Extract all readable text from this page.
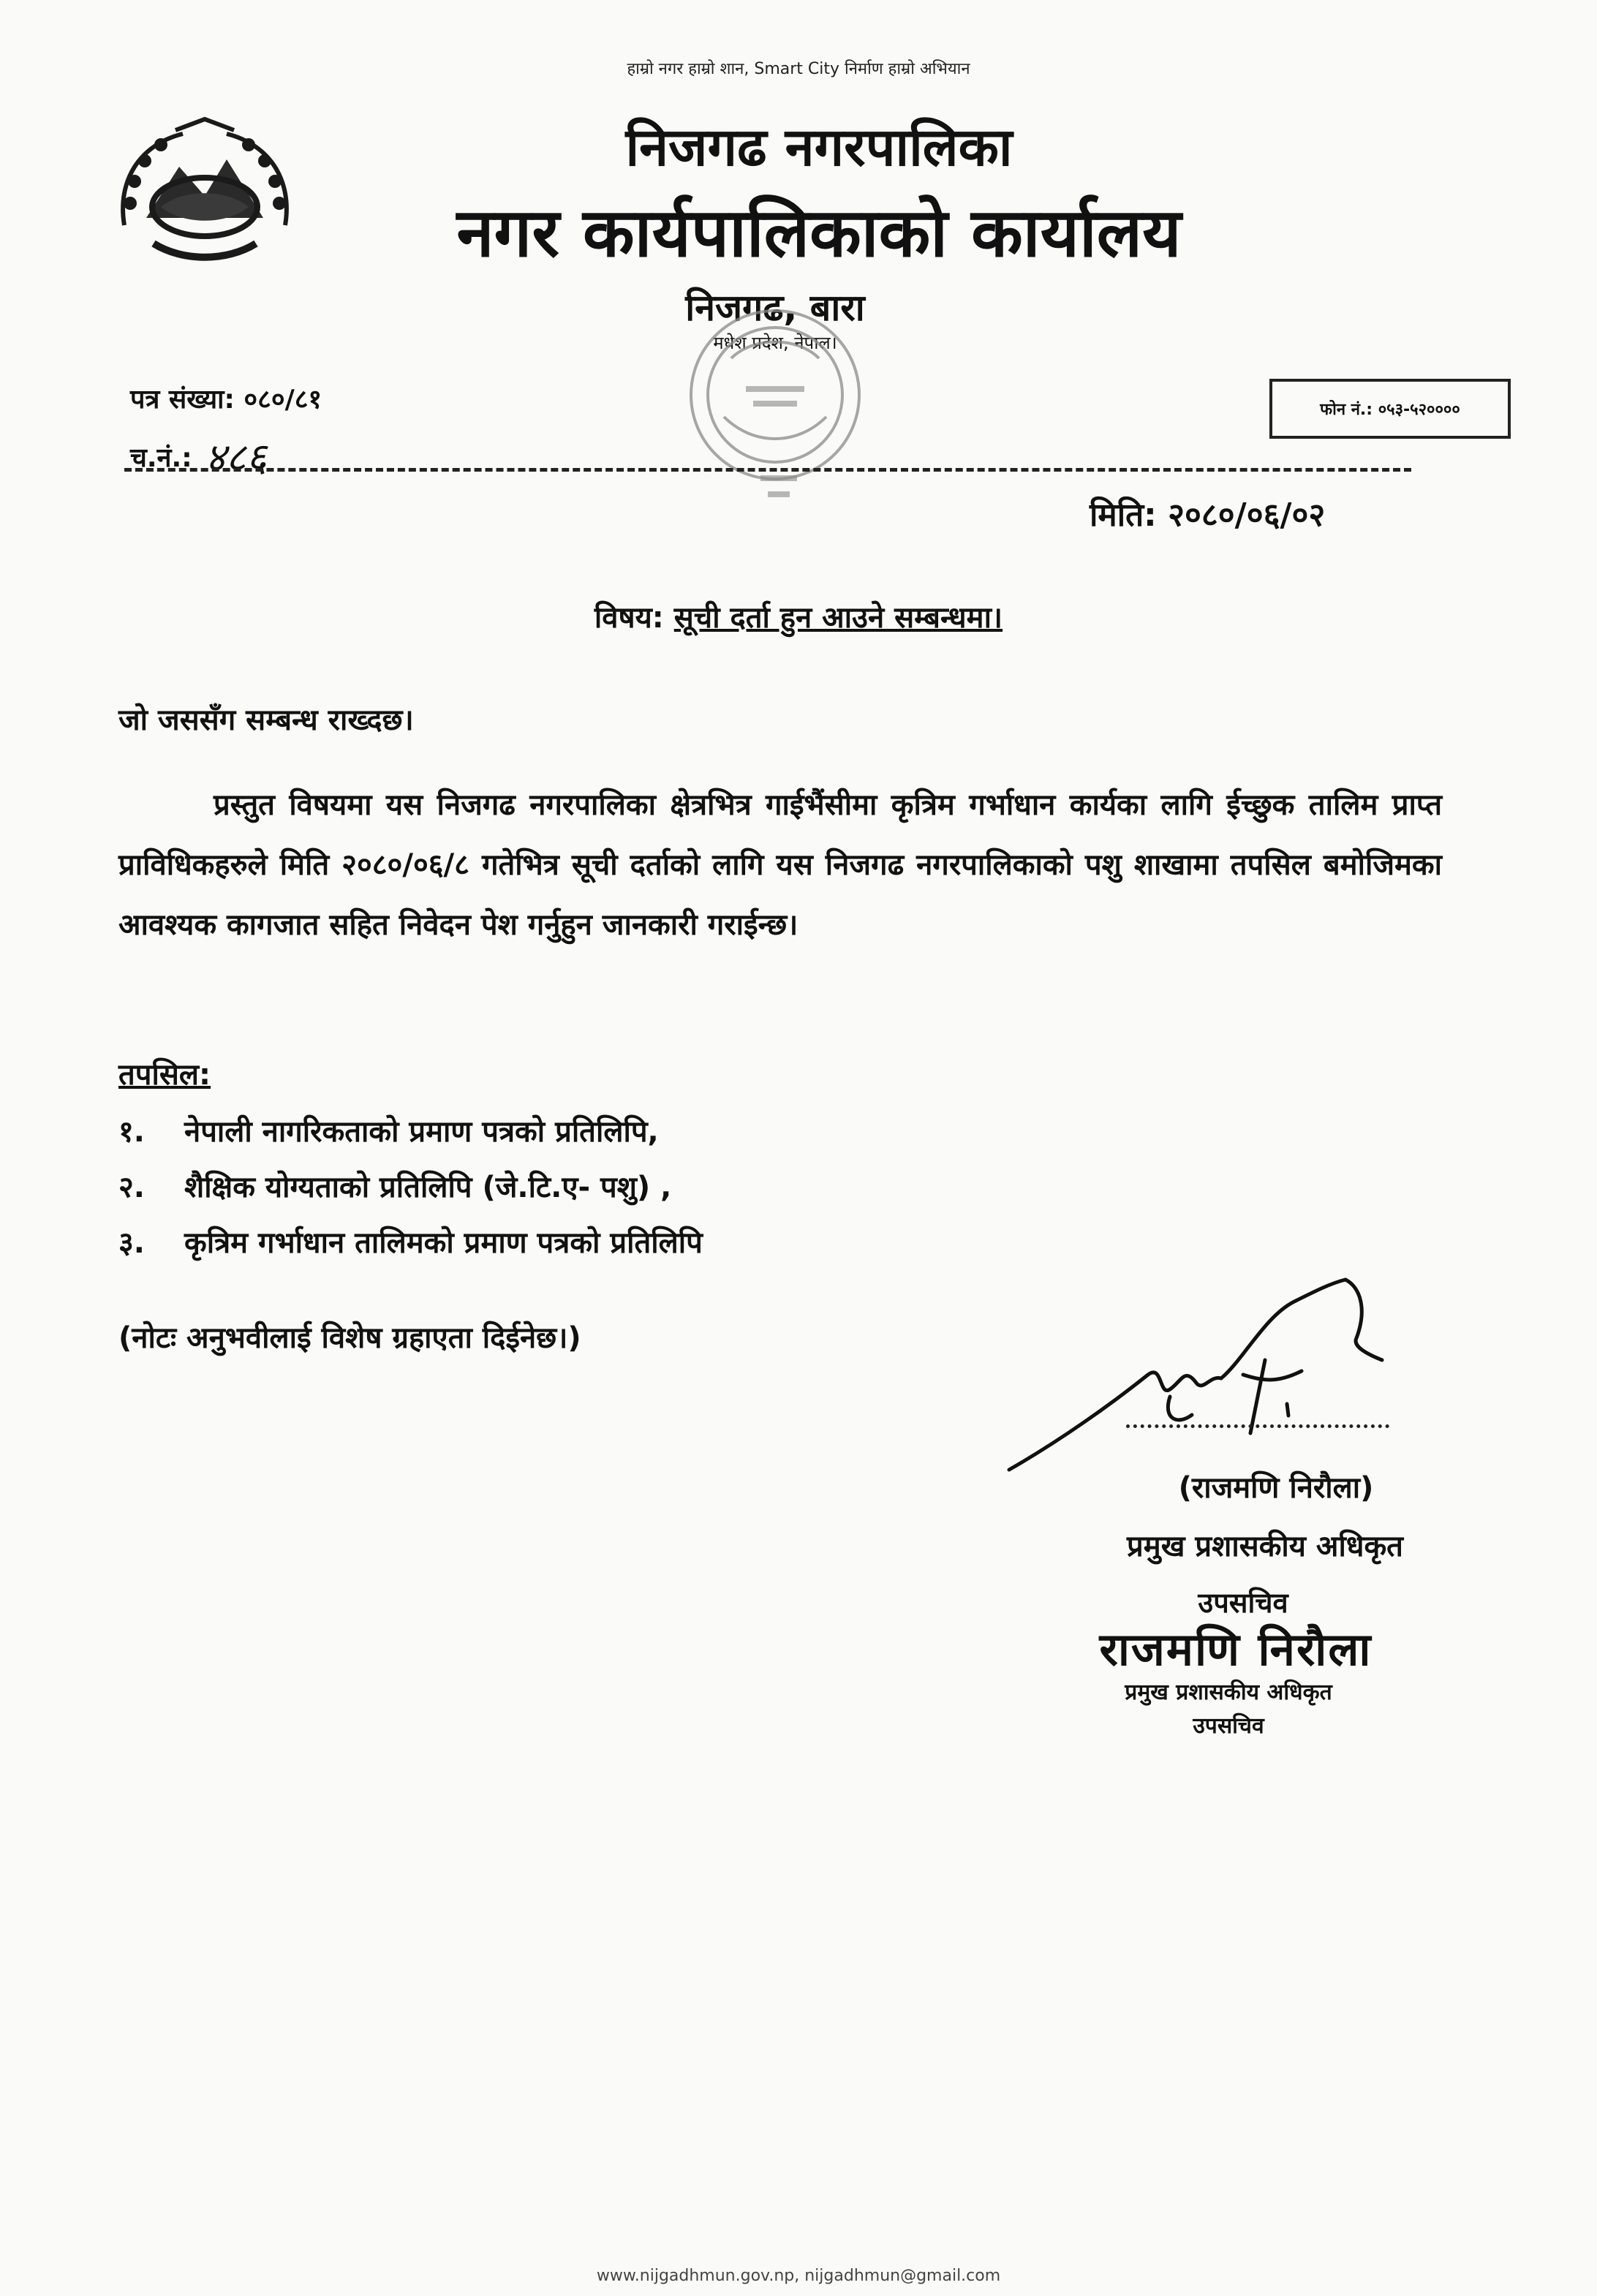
हाम्रो नगर हाम्रो शान, Smart City निर्माण हाम्रो अभियान
निजगढ नगरपालिका
नगर कार्यपालिकाको कार्यालय
निजगढ, बारा
मधेश प्रदेश, नेपाल।
पत्र संख्या: ०८०/८१
च.नं.: ४८६
फोन नं.: ०५३-५२००००
मिति: २०८०/०६/०२
विषय: सूची दर्ता हुन आउने सम्बन्धमा।
जो जससँग सम्बन्ध राख्दछ।
प्रस्तुत विषयमा यस निजगढ नगरपालिका क्षेत्रभित्र गाईभैंसीमा कृत्रिम गर्भाधान कार्यका लागि ईच्छुक तालिम प्राप्त प्राविधिकहरुले मिति २०८०/०६/८ गतेभित्र सूची दर्ताको लागि यस निजगढ नगरपालिकाको पशु शाखामा तपसिल बमोजिमका आवश्यक कागजात सहित निवेदन पेश गर्नुहुन जानकारी गराईन्छ।
तपसिल:
१. नेपाली नागरिकताको प्रमाण पत्रको प्रतिलिपि,
२. शैक्षिक योग्यताको प्रतिलिपि (जे.टि.ए- पशु) ,
३. कृत्रिम गर्भाधान तालिमको प्रमाण पत्रको प्रतिलिपि
(नोटः अनुभवीलाई विशेष ग्रहाएता दिईनेछ।)
(राजमणि निरौला)
प्रमुख प्रशासकीय अधिकृत
उपसचिव
राजमणि निरौला
प्रमुख प्रशासकीय अधिकृत
उपसचिव
www.nijgadhmun.gov.np, nijgadhmun@gmail.com
